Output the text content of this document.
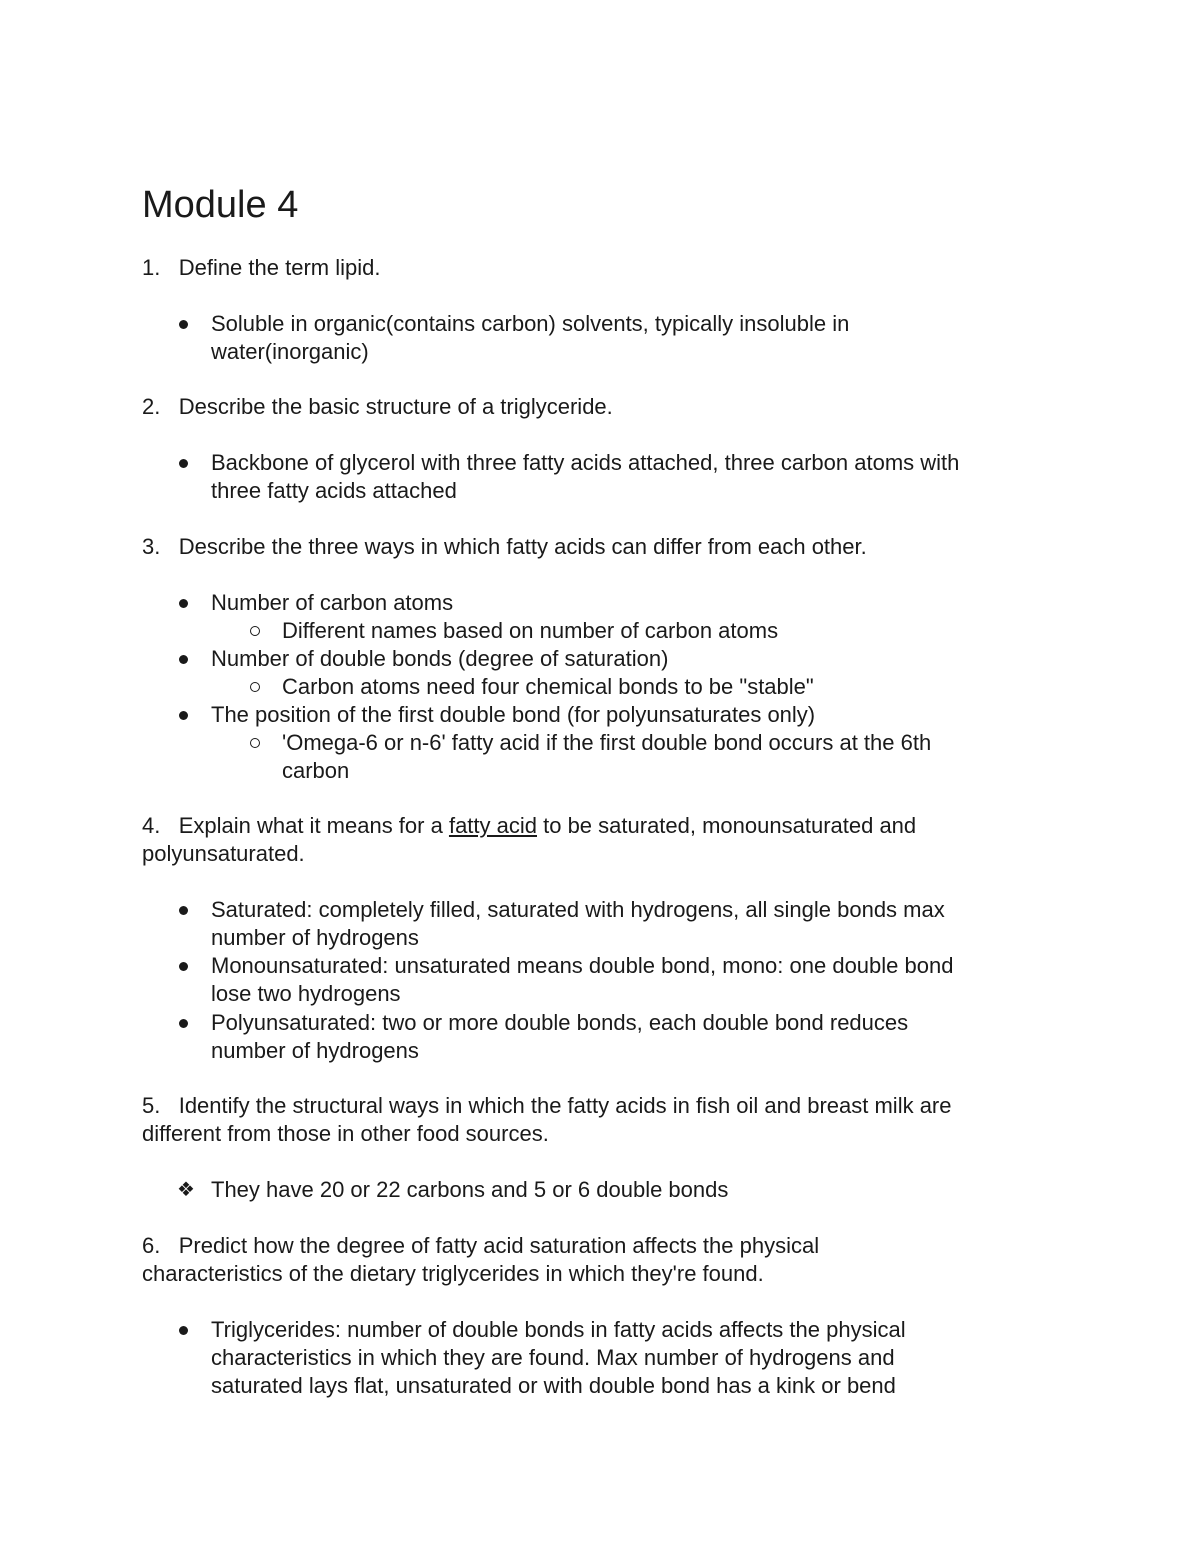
Module 4
1. Define the term lipid.
Soluble in organic(contains carbon) solvents, typically insoluble in
water(inorganic)
2. Describe the basic structure of a triglyceride.
Backbone of glycerol with three fatty acids attached, three carbon atoms with
three fatty acids attached
3. Describe the three ways in which fatty acids can differ from each other.
Number of carbon atoms
Different names based on number of carbon atoms
Number of double bonds (degree of saturation)
Carbon atoms need four chemical bonds to be "stable"
The position of the first double bond (for polyunsaturates only)
'Omega-6 or n-6' fatty acid if the first double bond occurs at the 6th
carbon
4. Explain what it means for a fatty acid to be saturated, monounsaturated and
polyunsaturated.
Saturated: completely filled, saturated with hydrogens, all single bonds max
number of hydrogens
Monounsaturated: unsaturated means double bond, mono: one double bond
lose two hydrogens
Polyunsaturated: two or more double bonds, each double bond reduces
number of hydrogens
5. Identify the structural ways in which the fatty acids in fish oil and breast milk are
different from those in other food sources.
❖ They have 20 or 22 carbons and 5 or 6 double bonds
6. Predict how the degree of fatty acid saturation affects the physical
characteristics of the dietary triglycerides in which they're found.
Triglycerides: number of double bonds in fatty acids affects the physical
characteristics in which they are found. Max number of hydrogens and
saturated lays flat, unsaturated or with double bond has a kink or bend
